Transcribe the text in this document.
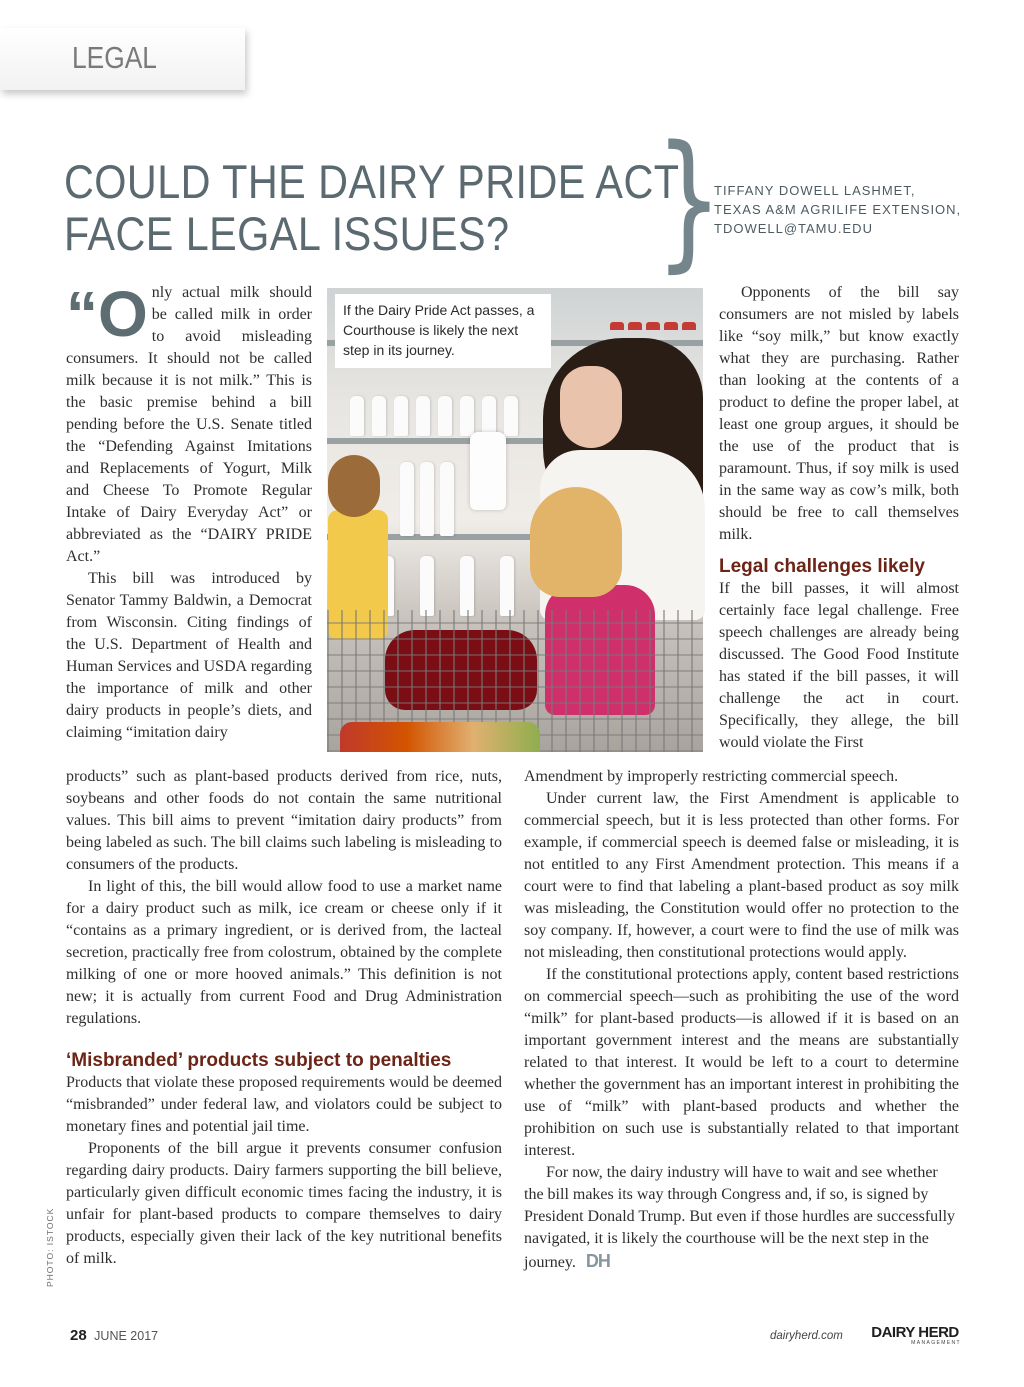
LEGAL
COULD THE DAIRY PRIDE ACT FACE LEGAL ISSUES? }
TIFFANY DOWELL LASHMET,
TEXAS A&M AGRILIFE EXTENSION,
TDOWELL@TAMU.EDU

“Only actual milk should be called milk in order to avoid misleading consumers. It should not be called milk because it is not milk.” This is the basic premise behind a bill pending before the U.S. Senate titled the “Defending Against Imitations and Replacements of Yogurt, Milk and Cheese To Promote Regular Intake of Dairy Everyday Act” or abbreviated as the “DAIRY PRIDE Act.”

This bill was introduced by Senator Tammy Baldwin, a Democrat from Wisconsin. Citing findings of the U.S. Department of Health and Human Services and USDA regarding the importance of milk and other dairy products in people’s diets, and claiming “imitation dairy

If the Dairy Pride Act passes, a Courthouse is likely the next step in its journey.

products” such as plant-based products derived from rice, nuts, soybeans and other foods do not contain the same nutritional values. This bill aims to prevent “imitation dairy products” from being labeled as such. The bill claims such labeling is misleading to consumers of the products.

In light of this, the bill would allow food to use a market name for a dairy product such as milk, ice cream or cheese only if it “contains as a primary ingredient, or is derived from, the lacteal secretion, practically free from colostrum, obtained by the complete milking of one or more hooved animals.” This definition is not new; it is actually from current Food and Drug Administration regulations.

‘Misbranded’ products subject to penalties

Products that violate these proposed requirements would be deemed “misbranded” under federal law, and violators could be subject to monetary fines and potential jail time.

Proponents of the bill argue it prevents consumer confusion regarding dairy products. Dairy farmers supporting the bill believe, particularly given difficult economic times facing the industry, it is unfair for plant-based products to compare themselves to dairy products, especially given their lack of the key nutritional benefits of milk.

Opponents of the bill say consumers are not misled by labels like “soy milk,” but know exactly what they are purchasing. Rather than looking at the contents of a product to define the proper label, at least one group argues, it should be the use of the product that is paramount. Thus, if soy milk is used in the same way as cow’s milk, both should be free to call themselves milk.

Legal challenges likely

If the bill passes, it will almost certainly face legal challenge. Free speech challenges are already being discussed. The Good Food Institute has stated if the bill passes, it will challenge the act in court. Specifically, they allege, the bill would violate the First

Amendment by improperly restricting commercial speech.

Under current law, the First Amendment is applicable to commercial speech, but it is less protected than other forms. For example, if commercial speech is deemed false or misleading, it is not entitled to any First Amendment protection. This means if a court were to find that labeling a plant-based product as soy milk was misleading, the Constitution would offer no protection to the soy company. If, however, a court were to find the use of milk was not misleading, then constitutional protections would apply.

If the constitutional protections apply, content based restrictions on commercial speech—such as prohibiting the use of the word “milk” for plant-based products—is allowed if it is based on an important government interest and the means are substantially related to that interest. It would be left to a court to determine whether the government has an important interest in prohibiting the use of “milk” with plant-based products and whether the prohibition on such use is substantially related to that important interest.

For now, the dairy industry will have to wait and see whether the bill makes its way through Congress and, if so, is signed by President Donald Trump. But even if those hurdles are successfully navigated, it is likely the courthouse will be the next step in the journey. DH

PHOTO: ISTOCK
28 JUNE 2017	dairyherd.com DAIRY HERD
MANAGEMENT
